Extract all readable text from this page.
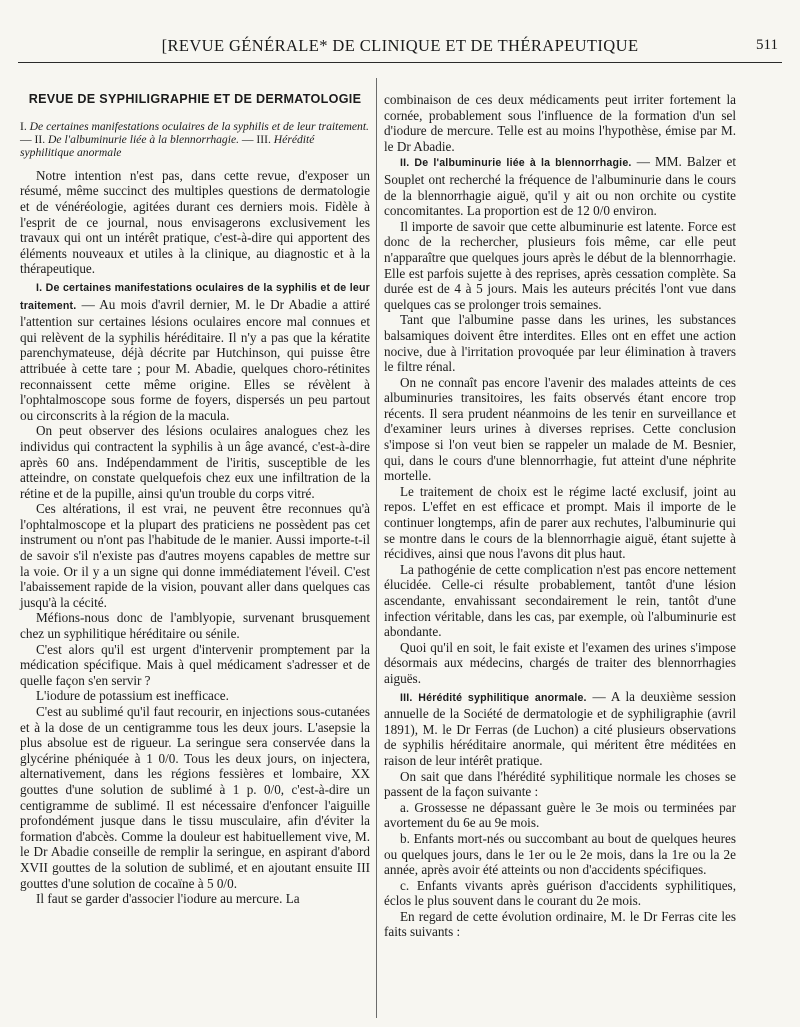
[REVUE GÉNÉRALE* DE CLINIQUE ET DE THÉRAPEUTIQUE	511
REVUE DE SYPHILIGRAPHIE ET DE DERMATOLOGIE
I. De certaines manifestations oculaires de la syphilis et de leur traitement. — II. De l'albuminurie liée à la blennorrhagie. — III. Hérédité syphilitique anormale

Notre intention n'est pas, dans cette revue, d'exposer un résumé, même succinct des multiples questions de dermatologie et de vénéréologie, agitées durant ces derniers mois. Fidèle à l'esprit de ce journal, nous envisagerons exclusivement les travaux qui ont un intérêt pratique, c'est-à-dire qui apportent des éléments nouveaux et utiles à la clinique, au diagnostic et à la thérapeutique.

I. De certaines manifestations oculaires de la syphilis et de leur traitement. — Au mois d'avril dernier, M. le Dr Abadie a attiré l'attention sur certaines lésions oculaires encore mal connues et qui relèvent de la syphilis héréditaire. Il n'y a pas que la kératite parenchymateuse, déjà décrite par Hutchinson, qui puisse être attribuée à cette tare ; pour M. Abadie, quelques choro-rétinites reconnaissent cette même origine. Elles se révèlent à l'ophtalmoscope sous forme de foyers, dispersés un peu partout ou circonscrits à la région de la macula.

On peut observer des lésions oculaires analogues chez les individus qui contractent la syphilis à un âge avancé, c'est-à-dire après 60 ans. Indépendamment de l'iritis, susceptible de les atteindre, on constate quelquefois chez eux une infiltration de la rétine et de la pupille, ainsi qu'un trouble du corps vitré.

Ces altérations, il est vrai, ne peuvent être reconnues qu'à l'ophtalmoscope et la plupart des praticiens ne possèdent pas cet instrument ou n'ont pas l'habitude de le manier. Aussi importe-t-il de savoir s'il n'existe pas d'autres moyens capables de mettre sur la voie. Or il y a un signe qui donne immédiatement l'éveil. C'est l'abaissement rapide de la vision, pouvant aller dans quelques cas jusqu'à la cécité.

Méfions-nous donc de l'amblyopie, survenant brusquement chez un syphilitique héréditaire ou sénile.

C'est alors qu'il est urgent d'intervenir promptement par la médication spécifique. Mais à quel médicament s'adresser et de quelle façon s'en servir ?

L'iodure de potassium est inefficace.

C'est au sublimé qu'il faut recourir, en injections sous-cutanées et à la dose de un centigramme tous les deux jours. L'asepsie la plus absolue est de rigueur. La seringue sera conservée dans la glycérine phéniquée à 1 0/0. Tous les deux jours, on injectera, alternativement, dans les régions fessières et lombaire, XX gouttes d'une solution de sublimé à 1 p. 0/0, c'est-à-dire un centigramme de sublimé. Il est nécessaire d'enfoncer l'aiguille profondément jusque dans le tissu musculaire, afin d'éviter la formation d'abcès. Comme la douleur est habituellement vive, M. le Dr Abadie conseille de remplir la seringue, en aspirant d'abord XVII gouttes de la solution de sublimé, et en ajoutant ensuite III gouttes d'une solution de cocaïne à 5 0/0.

Il faut se garder d'associer l'iodure au mercure. La

combinaison de ces deux médicaments peut irriter fortement la cornée, probablement sous l'influence de la formation d'un sel d'iodure de mercure. Telle est au moins l'hypothèse, émise par M. le Dr Abadie.

II. De l'albuminurie liée à la blennorrhagie. — MM. Balzer et Souplet ont recherché la fréquence de l'albuminurie dans le cours de la blennorrhagie aiguë, qu'il y ait ou non orchite ou cystite concomitantes. La proportion est de 12 0/0 environ.

Il importe de savoir que cette albuminurie est latente. Force est donc de la rechercher, plusieurs fois même, car elle peut n'apparaître que quelques jours après le début de la blennorrhagie. Elle est parfois sujette à des reprises, après cessation complète. Sa durée est de 4 à 5 jours. Mais les auteurs précités l'ont vue dans quelques cas se prolonger trois semaines.

Tant que l'albumine passe dans les urines, les substances balsamiques doivent être interdites. Elles ont en effet une action nocive, due à l'irritation provoquée par leur élimination à travers le filtre rénal.

On ne connaît pas encore l'avenir des malades atteints de ces albuminuries transitoires, les faits observés étant encore trop récents. Il sera prudent néanmoins de les tenir en surveillance et d'examiner leurs urines à diverses reprises. Cette conclusion s'impose si l'on veut bien se rappeler un malade de M. Besnier, qui, dans le cours d'une blennorrhagie, fut atteint d'une néphrite mortelle.

Le traitement de choix est le régime lacté exclusif, joint au repos. L'effet en est efficace et prompt. Mais il importe de le continuer longtemps, afin de parer aux rechutes, l'albuminurie qui se montre dans le cours de la blennorrhagie aiguë, étant sujette à récidives, ainsi que nous l'avons dit plus haut.

La pathogénie de cette complication n'est pas encore nettement élucidée. Celle-ci résulte probablement, tantôt d'une lésion ascendante, envahissant secondairement le rein, tantôt d'une infection véritable, dans les cas, par exemple, où l'albuminurie est abondante.

Quoi qu'il en soit, le fait existe et l'examen des urines s'impose désormais aux médecins, chargés de traiter des blennorrhagies aiguës.

III. Hérédité syphilitique anormale. — A la deuxième session annuelle de la Société de dermatologie et de syphiligraphie (avril 1891), M. le Dr Ferras (de Luchon) a cité plusieurs observations de syphilis héréditaire anormale, qui méritent être méditées en raison de leur intérêt pratique.

On sait que dans l'hérédité syphilitique normale les choses se passent de la façon suivante :

a. Grossesse ne dépassant guère le 3e mois ou terminées par avortement du 6e au 9e mois.

b. Enfants mort-nés ou succombant au bout de quelques heures ou quelques jours, dans le 1er ou le 2e mois, dans la 1re ou la 2e année, après avoir été atteints ou non d'accidents spécifiques.

c. Enfants vivants après guérison d'accidents syphilitiques, éclos le plus souvent dans le courant du 2e mois.

En regard de cette évolution ordinaire, M. le Dr Ferras cite les faits suivants :
